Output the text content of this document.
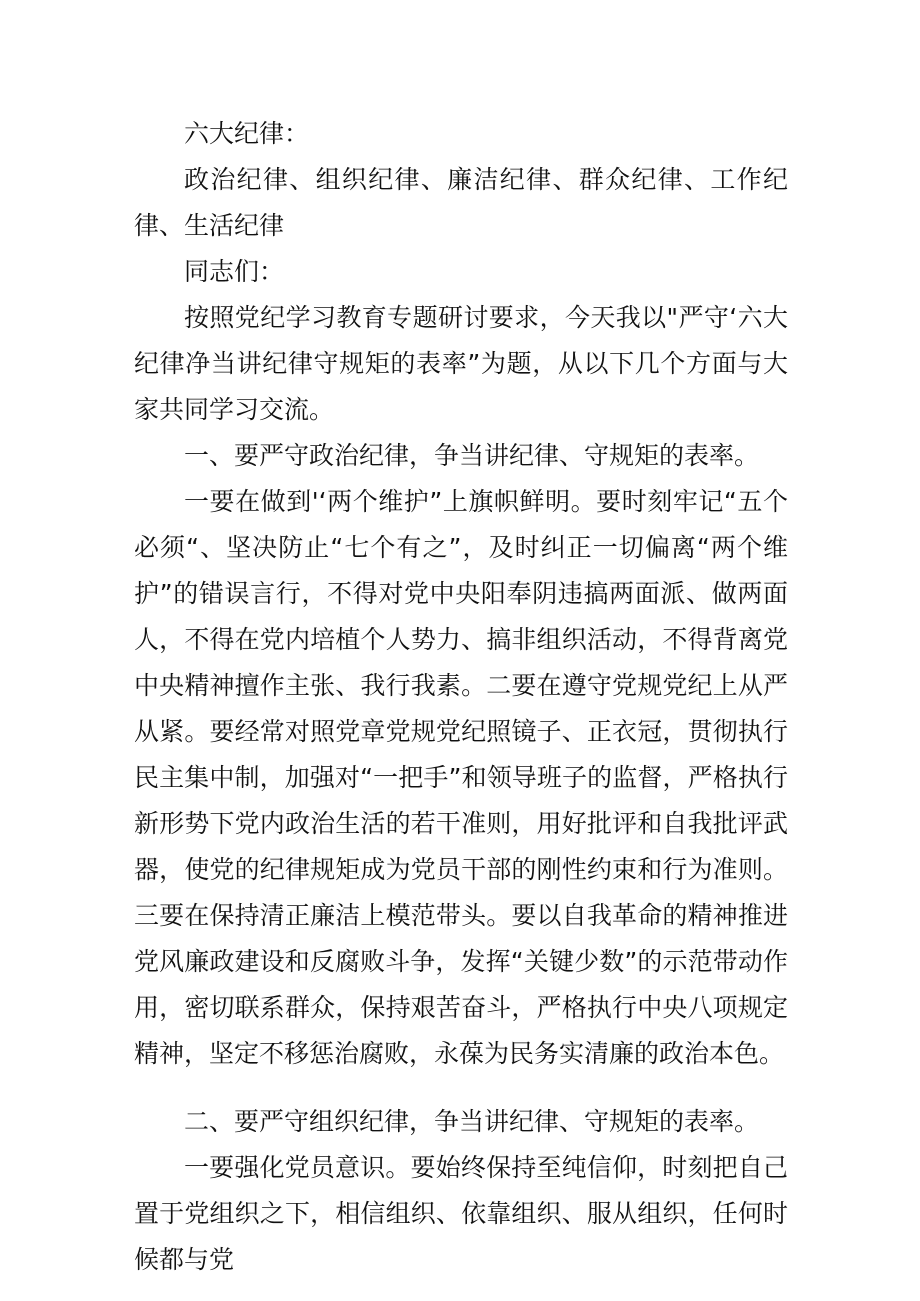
六大纪律：

政治纪律、组织纪律、廉洁纪律、群众纪律、工作纪律、生活纪律

同志们：

按照党纪学习教育专题研讨要求，今天我以"严守‘六大纪律净当讲纪律守规矩的表率”为题，从以下几个方面与大家共同学习交流。

一、要严守政治纪律，争当讲纪律、守规矩的表率。

一要在做到'‘两个维护”上旗帜鲜明。要时刻牢记“五个必须“、坚决防止“七个有之”，及时纠正一切偏离“两个维护”的错误言行，不得对党中央阳奉阴违搞两面派、做两面人，不得在党内培植个人势力、搞非组织活动，不得背离党中央精神擅作主张、我行我素。二要在遵守党规党纪上从严从紧。要经常对照党章党规党纪照镜子、正衣冠，贯彻执行民主集中制，加强对“一把手”和领导班子的监督，严格执行新形势下党内政治生活的若干准则，用好批评和自我批评武器，使党的纪律规矩成为党员干部的刚性约束和行为准则。三要在保持清正廉洁上模范带头。要以自我革命的精神推进党风廉政建设和反腐败斗争，发挥“关键少数”的示范带动作用，密切联系群众，保持艰苦奋斗，严格执行中央八项规定精神，坚定不移惩治腐败，永葆为民务实清廉的政治本色。

二、要严守组织纪律，争当讲纪律、守规矩的表率。

一要强化党员意识。要始终保持至纯信仰，时刻把自己置于党组织之下，相信组织、依靠组织、服从组织，任何时候都与党
